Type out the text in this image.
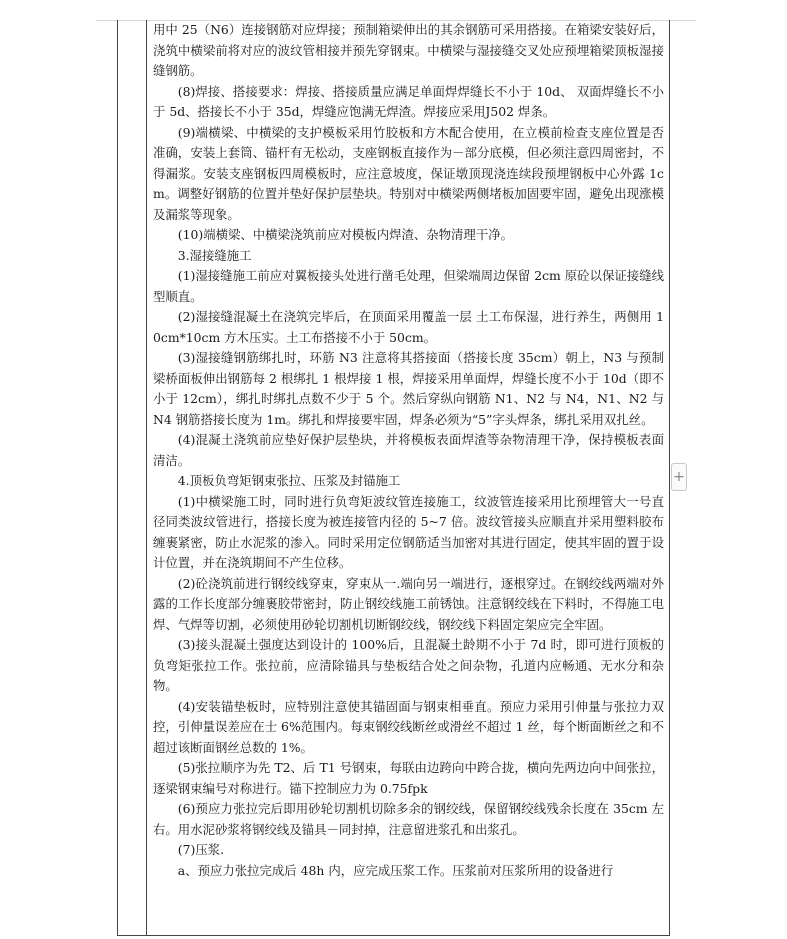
用中 25（N6）连接钢筋对应焊接；预制箱梁伸出的其余钢筋可采用搭接。在箱梁安装好后，浇筑中横梁前将对应的波纹管相接并预先穿钢束。中横梁与湿接缝交叉处应预埋箱梁顶板湿接缝钢筋。

(8)焊接、搭接要求：焊接、搭接质量应满足单面焊焊缝长不小于 10d、 双面焊缝长不小于 5d、搭接长不小于 35d，焊缝应饱满无焊渣。焊接应采用J502 焊条。

(9)端横梁、中横梁的支护模板采用竹胶板和方木配合使用，在立模前检查支座位置是否准确，安装上套筒、锚杆有无松动，支座钢板直接作为－部分底模，但必须注意四周密封，不得漏浆。安装支座钢板四周模板时，应注意坡度，保证墩顶现浇连续段预埋钢板中心外露 1cm。调整好钢筋的位置并垫好保护层垫块。特别对中横梁两侧堵板加固要牢固，避免出现涨模及漏浆等现象。

(10)端横梁、中横梁浇筑前应对模板内焊渣、杂物清理干净。

3.湿接缝施工

(1)湿接缝施工前应对翼板接头处进行凿毛处理，但梁端周边保留 2cm 原砼以保证接缝线型顺直。

(2)湿接缝混凝土在浇筑完毕后，在顶面采用覆盖一层 土工布保湿，进行养生，两侧用 10cm*10cm 方木压实。土工布搭接不小于 50cm。

(3)湿接缝钢筋绑扎时，环筋 N3 注意将其搭接面（搭接长度 35cm）朝上，N3 与预制梁桥面板伸出钢筋每 2 根绑扎 1 根焊接 1 根，焊接采用单面焊，焊缝长度不小于 10d（即不小于 12cm），绑扎时绑扎点数不少于 5 个。然后穿纵向钢筋 N1、N2 与 N4，N1、N2 与 N4 钢筋搭接长度为 1m。绑扎和焊接要牢固，焊条必须为“5”字头焊条，绑扎采用双扎丝。

(4)混凝土浇筑前应垫好保护层垫块，并将模板表面焊渣等杂物清理干净，保持模板表面清洁。

4.顶板负弯矩钢束张拉、压浆及封锚施工

(1)中横梁施工时，同时进行负弯矩波纹管连接施工，纹波管连接采用比预埋管大一号直径同类波纹管进行，搭接长度为被连接管内径的 5~7 倍。波纹管接头应顺直并采用塑料胶布缠裹紧密，防止水泥浆的渗入。同时采用定位钢筋适当加密对其进行固定，使其牢固的置于设计位置，并在浇筑期间不产生位移。

(2)砼浇筑前进行钢绞线穿束，穿束从一.端向另一端进行，逐根穿过。在钢绞线两端对外露的工作长度部分缠裹胶带密封，防止钢绞线施工前锈蚀。注意钢绞线在下料时，不得施工电焊、气焊等切割，必须使用砂轮切割机切断钢绞线，钢绞线下料固定架应完全牢固。

(3)接头混凝土强度达到设计的 100%后，且混凝土龄期不小于 7d 时，即可进行顶板的负弯矩张拉工作。张拉前，应清除锚具与垫板结合处之间杂物，孔道内应畅通、无水分和杂物。

(4)安装锚垫板时，应特别注意使其锚固面与钢束相垂直。预应力采用引伸量与张拉力双控，引伸量误差应在士 6%范围内。每束钢绞线断丝或滑丝不超过 1 丝，每个断面断丝之和不超过该断面钢丝总数的 1%。

(5)张拉顺序为先 T2、后 T1 号钢束，每联由边跨向中跨合拢，横向先两边向中间张拉，逐梁钢束编号对称进行。锚下控制应力为 0.75fpk

(6)预应力张拉完后即用砂轮切割机切除多余的钢绞线，保留钢绞线残余长度在 35cm 左右。用水泥砂浆将钢绞线及锚具－同封掉，注意留进浆孔和出浆孔。

(7)压浆.

a、预应力张拉完成后 48h 内，应完成压浆工作。压浆前对压浆所用的设备进行

+
